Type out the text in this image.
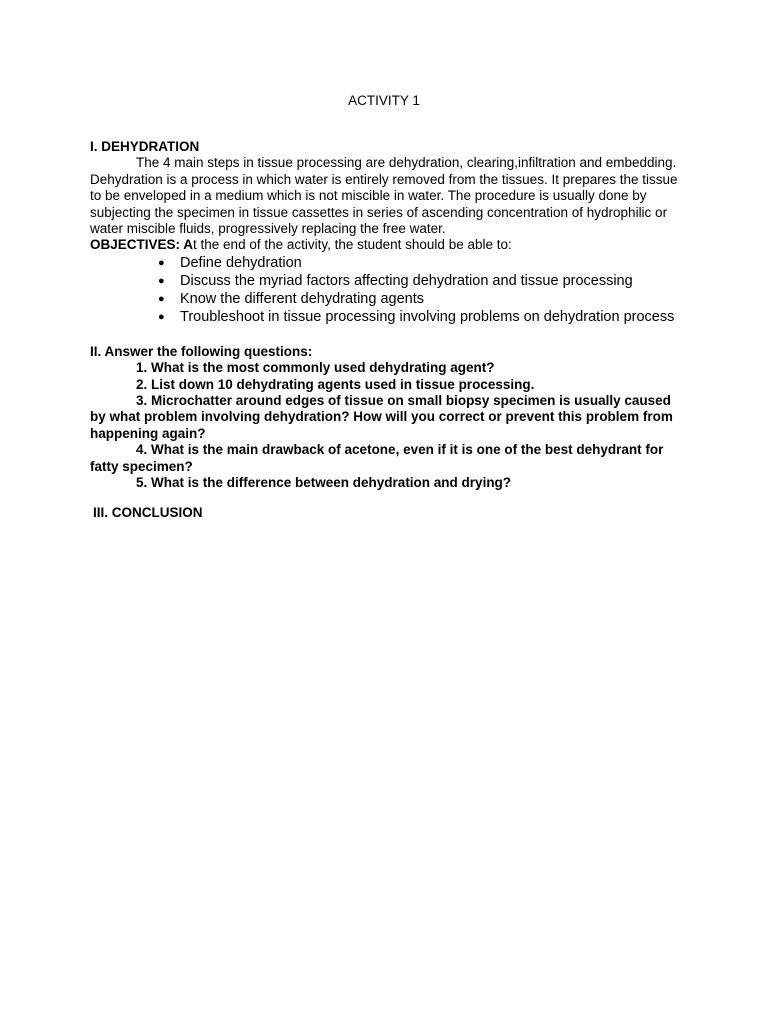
ACTIVITY 1

I. DEHYDRATION

The 4 main steps in tissue processing are dehydration, clearing,infiltration and embedding. Dehydration is a process in which water is entirely removed from the tissues. It prepares the tissue to be enveloped in a medium which is not miscible in water. The procedure is usually done by subjecting the specimen in tissue cassettes in series of ascending concentration of hydrophilic or water miscible fluids, progressively replacing the free water.

OBJECTIVES: At the end of the activity, the student should be able to:

● Define dehydration
● Discuss the myriad factors affecting dehydration and tissue processing
● Know the different dehydrating agents
● Troubleshoot in tissue processing involving problems on dehydration process

II. Answer the following questions:

1. What is the most commonly used dehydrating agent?

2. List down 10 dehydrating agents used in tissue processing.

3. Microchatter around edges of tissue on small biopsy specimen is usually caused by what problem involving dehydration? How will you correct or prevent this problem from happening again?

4. What is the main drawback of acetone, even if it is one of the best dehydrant for fatty specimen?

5. What is the difference between dehydration and drying?

III. CONCLUSION
